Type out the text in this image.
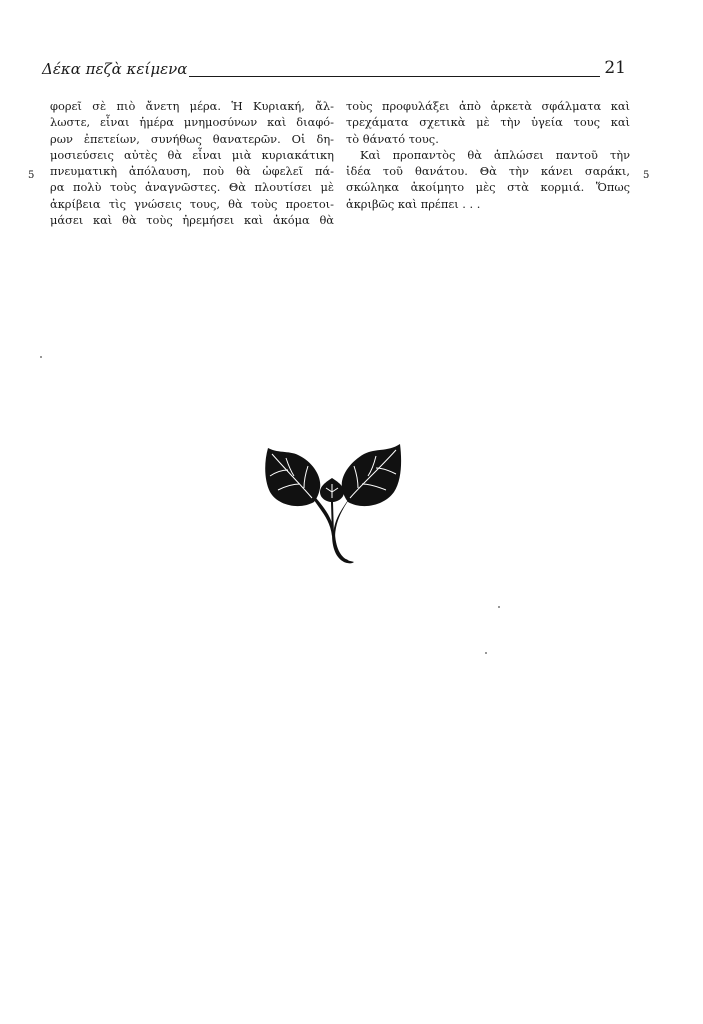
Δέκα πεζὰ κείμενα	21
5	5
φορεῖ σὲ πιὸ ἄνετη μέρα. Ἡ Κυριακή, ἄλ-
λωστε, εἶναι ἡμέρα μνημοσύνων καὶ διαφό-
ρων ἐπετείων, συνήθως θανατερῶν. Οἱ δη-
μοσιεύσεις αὐτὲς θὰ εἶναι μιὰ κυριακάτικη
πνευματικὴ ἀπόλαυση, ποὺ θὰ ὠφελεῖ πά-
ρα πολὺ τοὺς ἀναγνῶστες. Θὰ πλουτίσει μὲ
ἀκρίβεια τὶς γνώσεις τους, θὰ τοὺς προετοι-
μάσει καὶ θὰ τοὺς ἠρεμήσει καὶ ἀκόμα θὰ
τοὺς προφυλάξει ἀπὸ ἀρκετὰ σφάλματα καὶ
τρεχάματα σχετικὰ μὲ τὴν ὑγεία τους καὶ
τὸ θάνατό τους.
Καὶ προπαντὸς θὰ ἁπλώσει παντοῦ τὴν
ἰδέα τοῦ θανάτου. Θὰ τὴν κάνει σαράκι,
σκώληκα ἀκοίμητο μὲς στὰ κορμιά. Ὅπως
ἀκριβῶς καὶ πρέπει . . .
